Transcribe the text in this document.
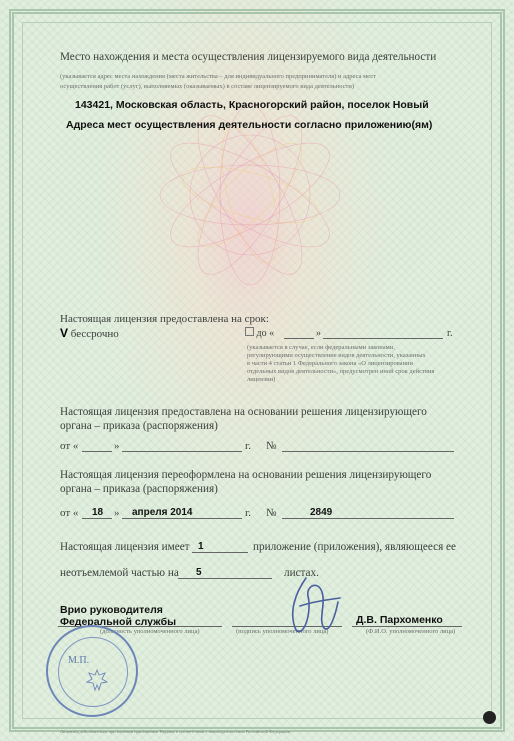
Место нахождения и места осуществления лицензируемого вида деятельности
(указывается адрес места нахождения (места жительства – для индивидуального предпринимателя) и адреса мест
осуществления работ (услуг), выполняемых (оказываемых) в составе лицензируемого вида деятельности)
143421, Московская область, Красногорский район, поселок Новый
Адреса мест осуществления деятельности согласно приложению(ям)
Настоящая лицензия предоставлена на срок:
V бессрочно	до «	»	г.
(указывается в случае, если федеральными законами,
регулирующими осуществление видов деятельности, указанных
в части 4 статьи 1 Федерального закона «О лицензировании
отдельных видов деятельности», предусмотрен иной срок действия
лицензии)
Настоящая лицензия предоставлена на основании решения лицензирующего
органа – приказа (распоряжения)
от «	»	г. №
Настоящая лицензия переоформлена на основании решения лицензирующего
органа – приказа (распоряжения)
от « 18 » апреля 2014	г. №	2849
Настоящая лицензия имеет 1	приложение (приложения), являющееся ее
неотъемлемой частью на 5	листах.
Врио руководителя
Федеральной службы
(должность уполномоченного лица)	(подпись уполномоченного лица)
Д.В. Пархоменко
(Ф.И.О. уполномоченного лица)
М.П.
Лицензия действительна при наличии приложения. Выдана в соответствии с законодательством Российской Федерации
